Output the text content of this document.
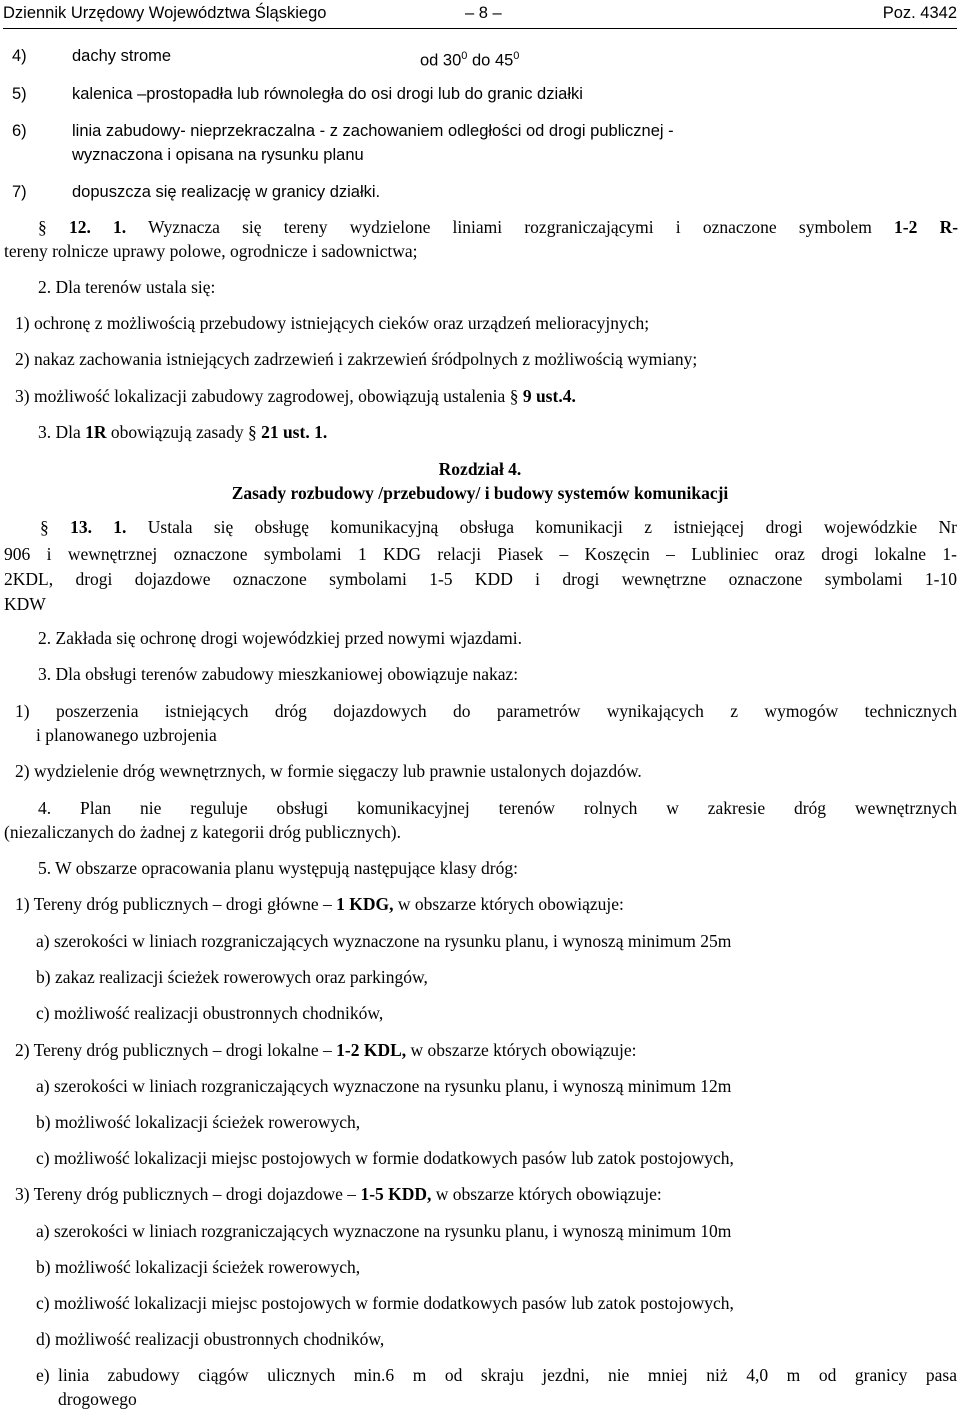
Dziennik Urzędowy Województwa Śląskiego	– 8 –	Poz. 4342
4)	dachy strome	od $30^0$ do $45^0$
5)	kalenica –prostopadła lub równoległa do osi drogi lub do granic działki
6)	linia zabudowy- nieprzekraczalna - z zachowaniem odległości od drogi publicznej -
wyznaczona i opisana na rysunku planu
7)	dopuszcza się realizację w granicy działki.
§ 12. 1. Wyznacza się tereny wydzielone liniami rozgraniczającymi i oznaczone symbolem 1-2 R-
tereny rolnicze uprawy polowe, ogrodnicze i sadownictwa;
2. Dla terenów ustala się:
1) ochronę z możliwością przebudowy istniejących cieków oraz urządzeń melioracyjnych;
2) nakaz zachowania istniejących zadrzewień i zakrzewień śródpolnych z możliwością wymiany;
3) możliwość lokalizacji zabudowy zagrodowej, obowiązują ustalenia § 9 ust.4.
3. Dla 1R obowiązują zasady § 21 ust. 1.
Rozdział 4.
Zasady rozbudowy /przebudowy/ i budowy systemów komunikacji
§ 13. 1. Ustala się obsługę komunikacyjną obsługa komunikacji z istniejącej drogi wojewódzkie Nr
906 i wewnętrznej oznaczone symbolami 1 KDG relacji Piasek – Koszęcin – Lubliniec oraz drogi lokalne 1-
2KDL, drogi dojazdowe oznaczone symbolami 1-5 KDD i drogi wewnętrzne oznaczone symbolami 1-10
KDW
2. Zakłada się ochronę drogi wojewódzkiej przed nowymi wjazdami.
3. Dla obsługi terenów zabudowy mieszkaniowej obowiązuje nakaz:
1) poszerzenia istniejących dróg dojazdowych do parametrów wynikających z wymogów technicznych
i planowanego uzbrojenia
2) wydzielenie dróg wewnętrznych, w formie sięgaczy lub prawnie ustalonych dojazdów.
4. Plan nie reguluje obsługi komunikacyjnej terenów rolnych w zakresie dróg wewnętrznych
(niezaliczanych do żadnej z kategorii dróg publicznych).
5. W obszarze opracowania planu występują następujące klasy dróg:
1) Tereny dróg publicznych – drogi główne – 1 KDG, w obszarze których obowiązuje:
a) szerokości w liniach rozgraniczających wyznaczone na rysunku planu, i wynoszą minimum 25m
b) zakaz realizacji ścieżek rowerowych oraz parkingów,
c) możliwość realizacji obustronnych chodników,
2) Tereny dróg publicznych – drogi lokalne – 1-2 KDL, w obszarze których obowiązuje:
a) szerokości w liniach rozgraniczających wyznaczone na rysunku planu, i wynoszą minimum 12m
b) możliwość lokalizacji ścieżek rowerowych,
c) możliwość lokalizacji miejsc postojowych w formie dodatkowych pasów lub zatok postojowych,
3) Tereny dróg publicznych – drogi dojazdowe – 1-5 KDD, w obszarze których obowiązuje:
a) szerokości w liniach rozgraniczających wyznaczone na rysunku planu, i wynoszą minimum 10m
b) możliwość lokalizacji ścieżek rowerowych,
c) możliwość lokalizacji miejsc postojowych w formie dodatkowych pasów lub zatok postojowych,
d) możliwość realizacji obustronnych chodników,
e) linia zabudowy ciągów ulicznych min.6 m od skraju jezdni, nie mniej niż 4,0 m od granicy pasa
drogowego
